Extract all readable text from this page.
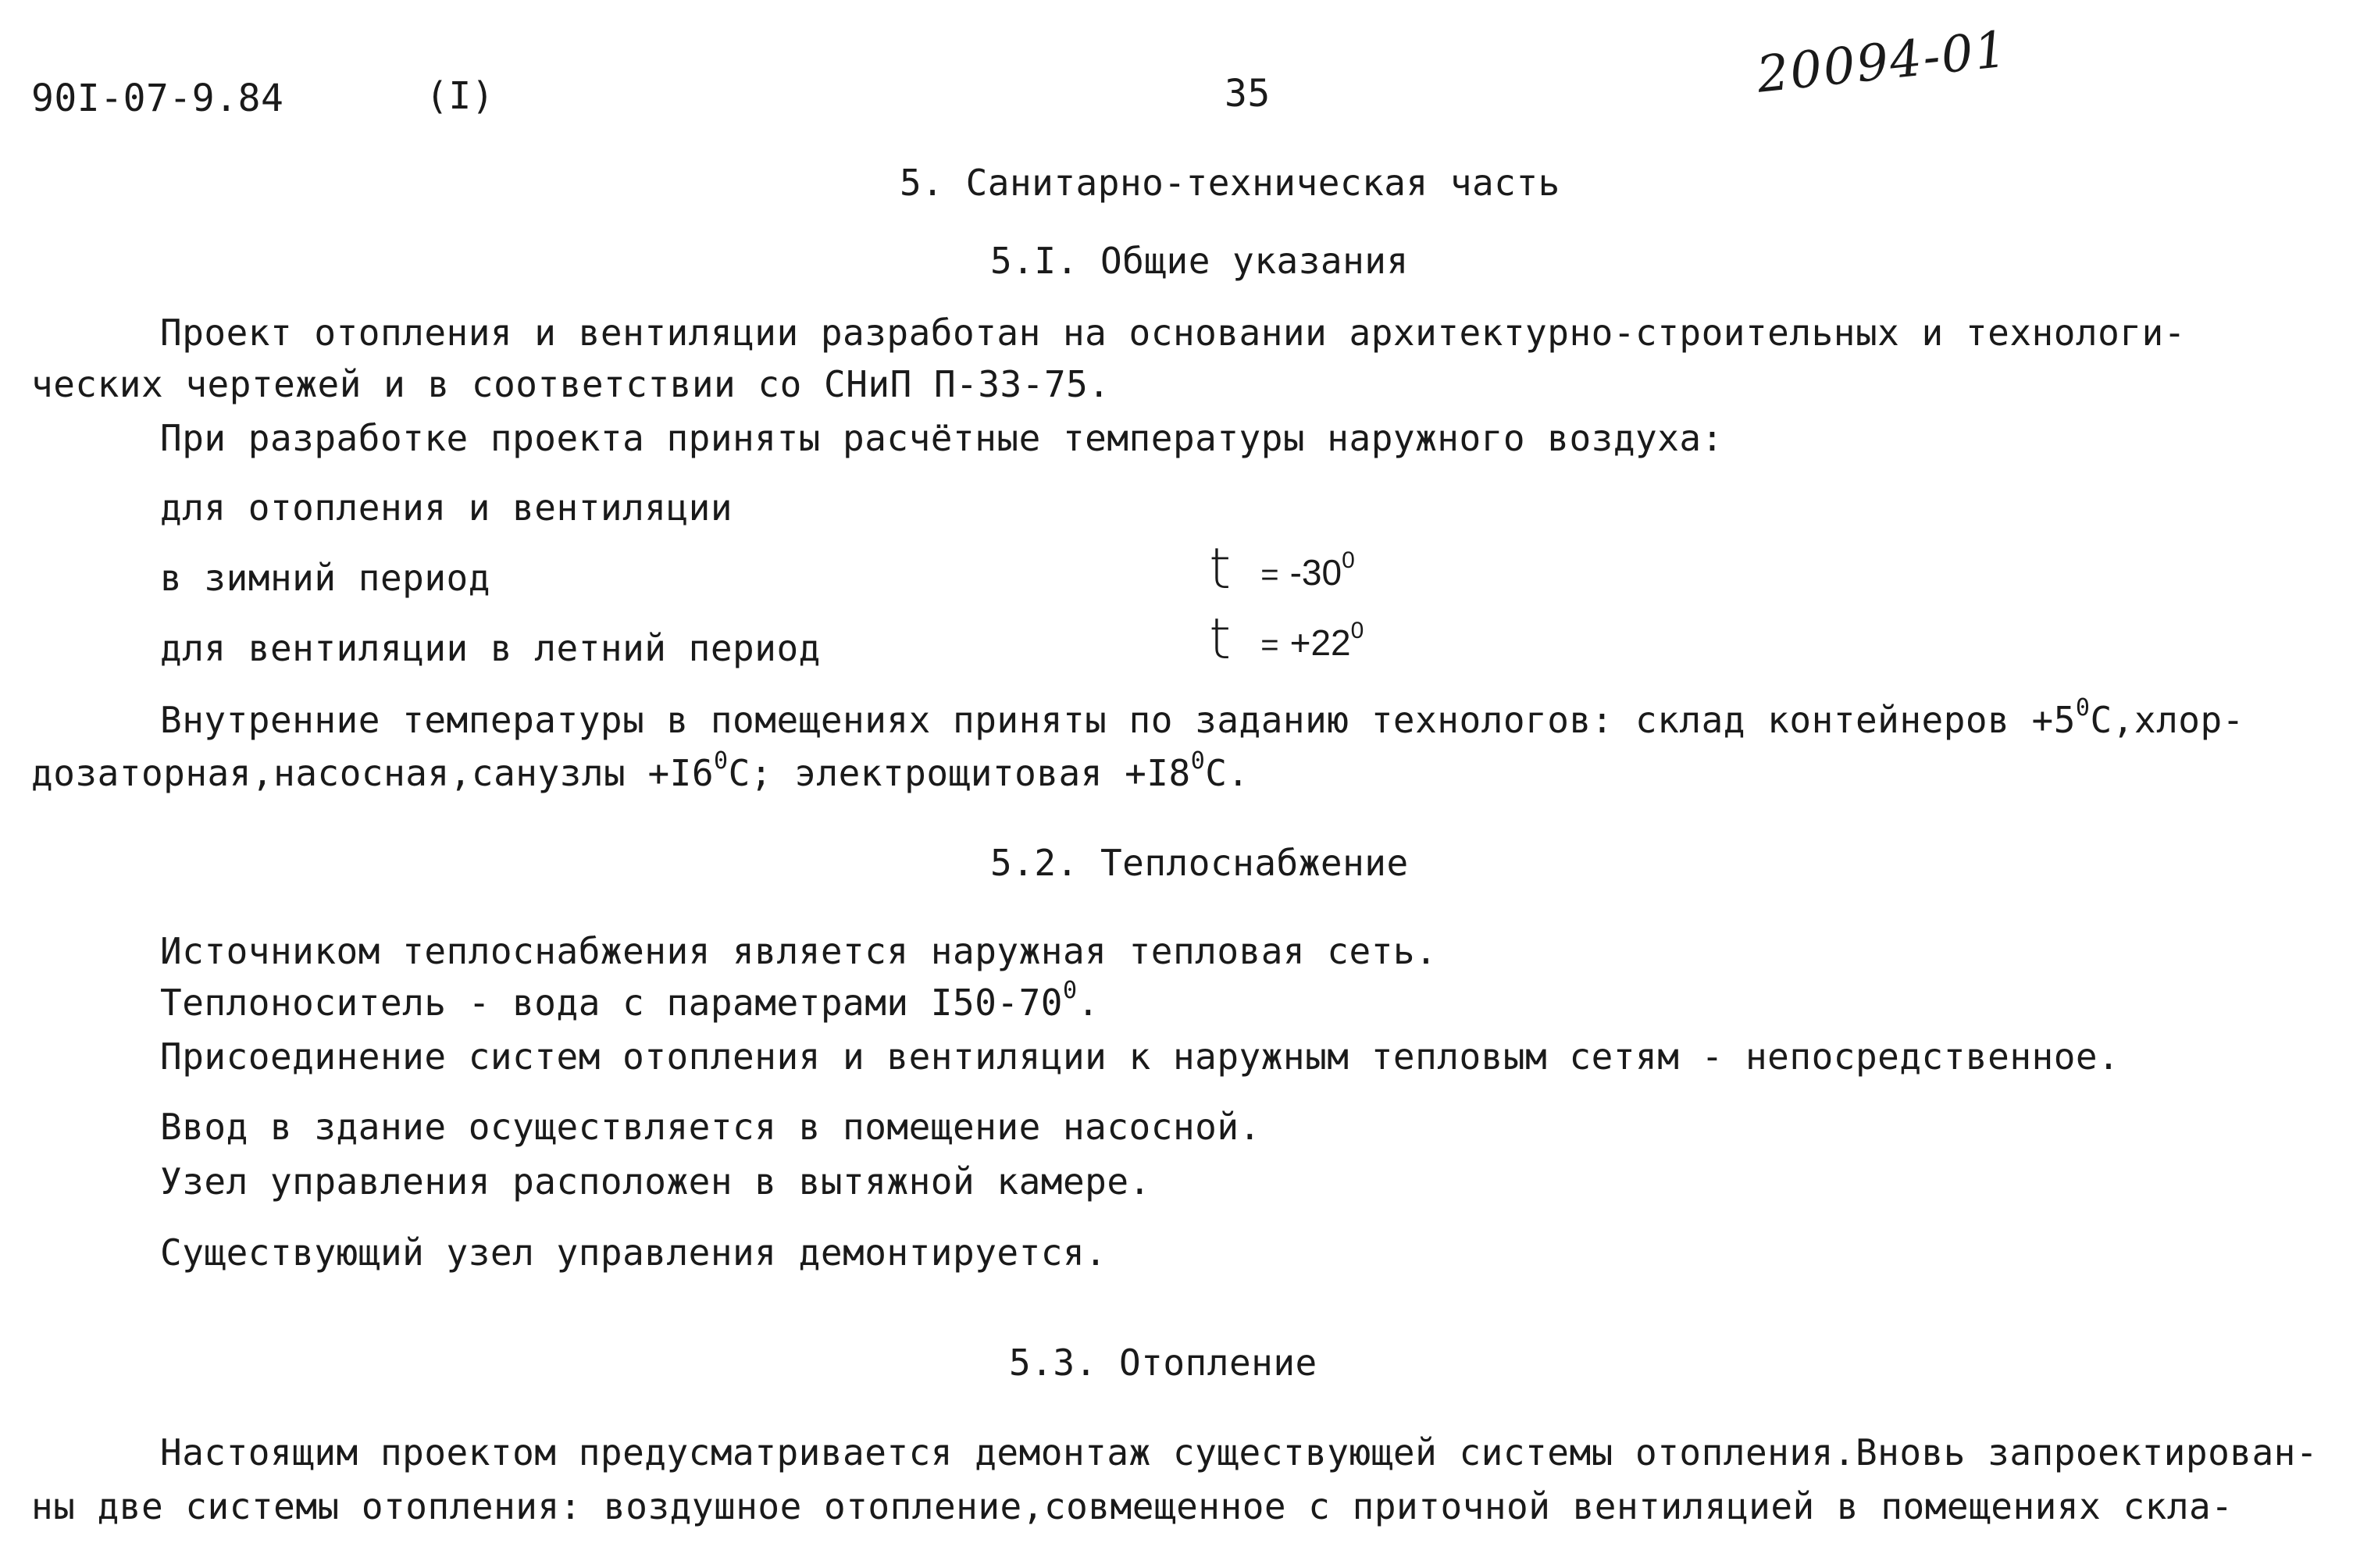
90I-07-9.84	(I)	35	20094-01
5. Санитарно-техническая часть
5.I. Общие указания
Проект отопления и вентиляции разработан на основании архитектурно-строительных и технологи-
ческих чертежей и в соответствии со СНиП П-33-75.
При разработке проекта приняты расчётные температуры наружного воздуха:
для отопления и вентиляции
в зимний период	$t = -30^0$
для вентиляции в летний период	$t = +22^0$
Внутренние температуры в помещениях приняты по заданию технологов: склад контейнеров $+5^0С,хлор-$
дозаторная,насосная,санузлы $+I6^0С$; электрощитовая $+I8^0С$.
5.2. Теплоснабжение
Источником теплоснабжения является наружная тепловая сеть.
Теплоноситель - вода с параметрами $I50-70^0$.
Присоединение систем отопления и вентиляции к наружным тепловым сетям - непосредственное.
Ввод в здание осуществляется в помещение насосной.
Узел управления расположен в вытяжной камере.
Существующий узел управления демонтируется.
5.3. Отопление
Настоящим проектом предусматривается демонтаж существующей системы отопления.Вновь запроектирован-
ны две системы отопления: воздушное отопление,совмещенное с приточной вентиляцией в помещениях скла-
